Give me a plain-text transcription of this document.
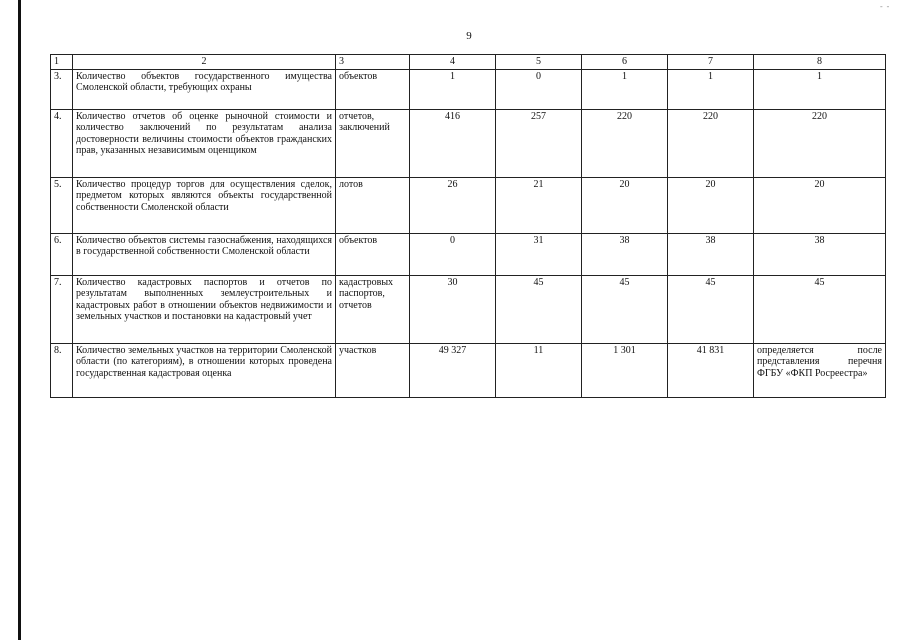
- -
9
1	2	3	4	5	6	7	8
3.	Количество объектов государственного имущества Смоленской области, требующих охраны	объектов	1	0	1	1	1
4.	Количество отчетов об оценке рыночной стоимости и количество заключений по результатам анализа достоверности величины стоимости объектов гражданских прав, указанных независимым оценщиком	отчетов, заключений	416	257	220	220	220
5.	Количество процедур торгов для осуществления сделок, предметом которых являются объекты государственной собственности Смоленской области	лотов	26	21	20	20	20
6.	Количество объектов системы газоснабжения, находящихся в государственной собственности Смоленской области	объектов	0	31	38	38	38
7.	Количество кадастровых паспортов и отчетов по результатам выполненных землеустроительных и кадастровых работ в отношении объектов недвижимости и земельных участков и постановки на кадастровый учет	кадастровых паспортов, отчетов	30	45	45	45	45
8.	Количество земельных участков на территории Смоленской области (по категориям), в отношении которых проведена государственная кадастровая оценка	участков	49 327	11	1 301	41 831	определяется после
представления перечня ФГБУ «ФКП Росреестра»
